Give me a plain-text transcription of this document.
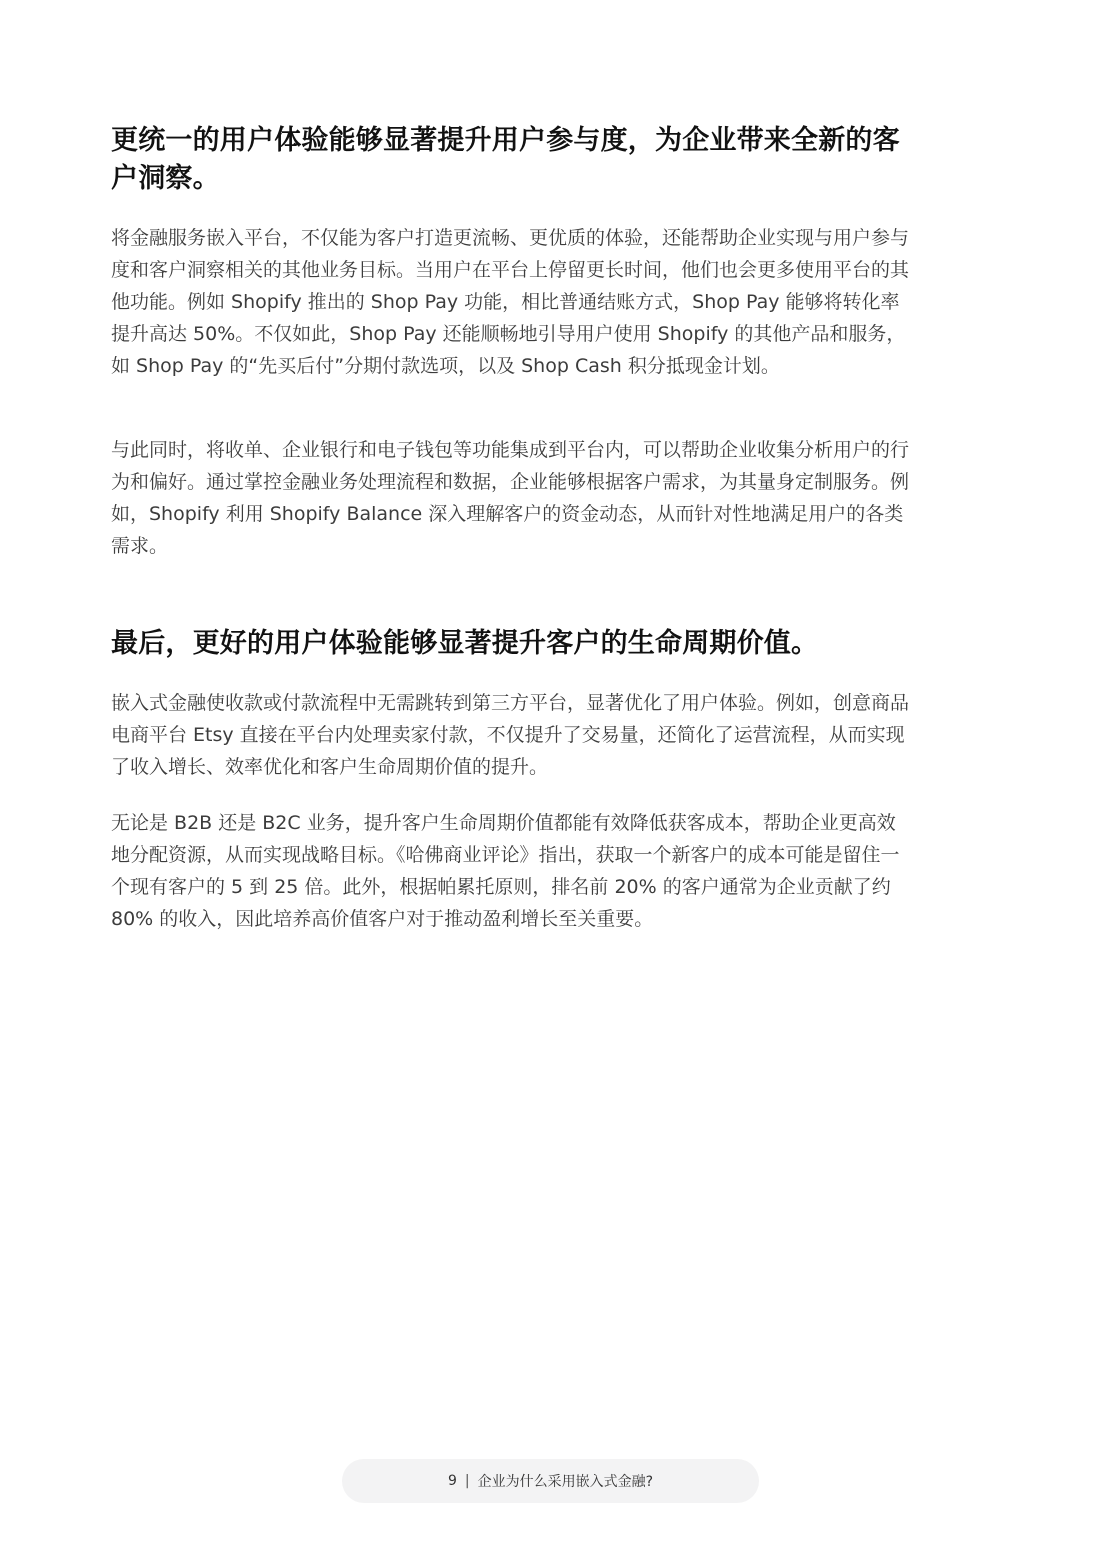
更统一的用户体验能够显著提升用户参与度，为企业带来全新的客户洞察。

将金融服务嵌入平台，不仅能为客户打造更流畅、更优质的体验，还能帮助企业实现与用户参与度和客户洞察相关的其他业务目标。当用户在平台上停留更长时间，他们也会更多使用平台的其他功能。例如 Shopify 推出的 Shop Pay 功能，相比普通结账方式，Shop Pay 能够将转化率提升高达 50%。不仅如此，Shop Pay 还能顺畅地引导用户使用 Shopify 的其他产品和服务，如 Shop Pay 的“先买后付”分期付款选项，以及 Shop Cash 积分抵现金计划。

与此同时，将收单、企业银行和电子钱包等功能集成到平台内，可以帮助企业收集分析用户的行为和偏好。通过掌控金融业务处理流程和数据，企业能够根据客户需求，为其量身定制服务。例如，Shopify 利用 Shopify Balance 深入理解客户的资金动态，从而针对性地满足用户的各类需求。

最后，更好的用户体验能够显著提升客户的生命周期价值。

嵌入式金融使收款或付款流程中无需跳转到第三方平台，显著优化了用户体验。例如，创意商品电商平台 Etsy 直接在平台内处理卖家付款，不仅提升了交易量，还简化了运营流程，从而实现了收入增长、效率优化和客户生命周期价值的提升。

无论是 B2B 还是 B2C 业务，提升客户生命周期价值都能有效降低获客成本，帮助企业更高效地分配资源，从而实现战略目标。《哈佛商业评论》指出，获取一个新客户的成本可能是留住一个现有客户的 5 到 25 倍。此外，根据帕累托原则，排名前 20% 的客户通常为企业贡献了约 80% 的收入，因此培养高价值客户对于推动盈利增长至关重要。

9 | 企业为什么采用嵌入式金融?
